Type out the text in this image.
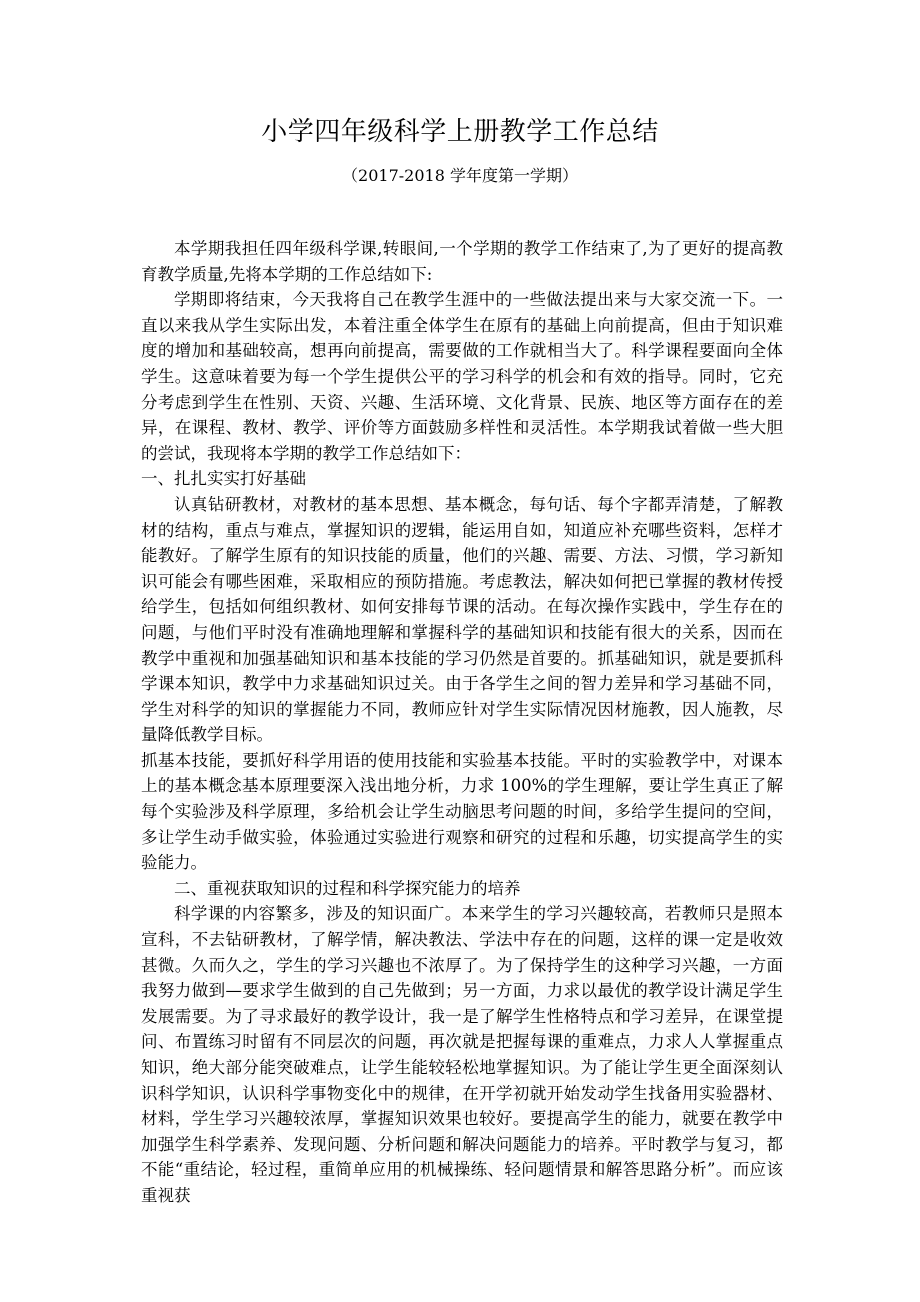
小学四年级科学上册教学工作总结
（2017-2018 学年度第一学期）

本学期我担任四年级科学课,转眼间,一个学期的教学工作结束了,为了更好的提高教育教学质量,先将本学期的工作总结如下:

学期即将结束，今天我将自己在教学生涯中的一些做法提出来与大家交流一下。一直以来我从学生实际出发，本着注重全体学生在原有的基础上向前提高，但由于知识难度的增加和基础较高，想再向前提高，需要做的工作就相当大了。科学课程要面向全体学生。这意味着要为每一个学生提供公平的学习科学的机会和有效的指导。同时，它充分考虑到学生在性别、天资、兴趣、生活环境、文化背景、民族、地区等方面存在的差异，在课程、教材、教学、评价等方面鼓励多样性和灵活性。本学期我试着做一些大胆的尝试，我现将本学期的教学工作总结如下：

一、扎扎实实打好基础

认真钻研教材，对教材的基本思想、基本概念，每句话、每个字都弄清楚，了解教材的结构，重点与难点，掌握知识的逻辑，能运用自如，知道应补充哪些资料，怎样才能教好。了解学生原有的知识技能的质量，他们的兴趣、需要、方法、习惯，学习新知识可能会有哪些困难，采取相应的预防措施。考虑教法，解决如何把已掌握的教材传授给学生，包括如何组织教材、如何安排每节课的活动。在每次操作实践中，学生存在的问题，与他们平时没有准确地理解和掌握科学的基础知识和技能有很大的关系，因而在教学中重视和加强基础知识和基本技能的学习仍然是首要的。抓基础知识，就是要抓科学课本知识，教学中力求基础知识过关。由于各学生之间的智力差异和学习基础不同，学生对科学的知识的掌握能力不同，教师应针对学生实际情况因材施教，因人施教，尽量降低教学目标。

抓基本技能，要抓好科学用语的使用技能和实验基本技能。平时的实验教学中，对课本上的基本概念基本原理要深入浅出地分析，力求 100%的学生理解，要让学生真正了解每个实验涉及科学原理，多给机会让学生动脑思考问题的时间，多给学生提问的空间，多让学生动手做实验，体验通过实验进行观察和研究的过程和乐趣，切实提高学生的实验能力。

二、重视获取知识的过程和科学探究能力的培养

科学课的内容繁多，涉及的知识面广。本来学生的学习兴趣较高，若教师只是照本宣科，不去钻研教材，了解学情，解决教法、学法中存在的问题，这样的课一定是收效甚微。久而久之，学生的学习兴趣也不浓厚了。为了保持学生的这种学习兴趣，一方面我努力做到—要求学生做到的自己先做到；另一方面，力求以最优的教学设计满足学生发展需要。为了寻求最好的教学设计，我一是了解学生性格特点和学习差异，在课堂提问、布置练习时留有不同层次的问题，再次就是把握每课的重难点，力求人人掌握重点知识，绝大部分能突破难点，让学生能较轻松地掌握知识。为了能让学生更全面深刻认识科学知识，认识科学事物变化中的规律，在开学初就开始发动学生找备用实验器材、材料，学生学习兴趣较浓厚，掌握知识效果也较好。要提高学生的能力，就要在教学中加强学生科学素养、发现问题、分析问题和解决问题能力的培养。平时教学与复习，都不能“重结论，轻过程，重简单应用的机械操练、轻问题情景和解答思路分析”。而应该重视获
